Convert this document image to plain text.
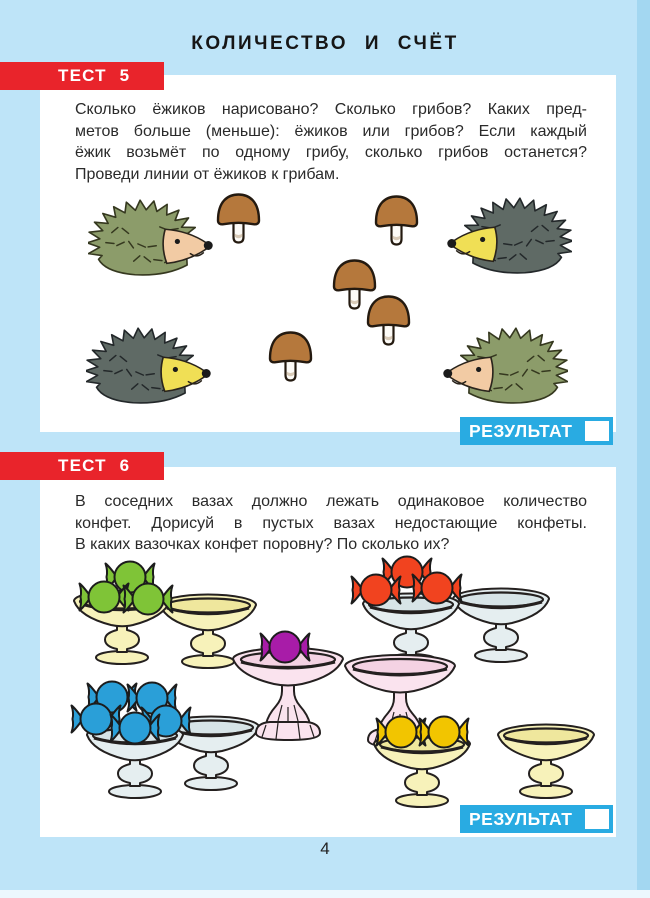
КОЛИЧЕСТВО И СЧЁТ
ТЕСТ 5
Сколько ёжиков нарисовано? Сколько грибов? Каких пред-
метов больше (меньше): ёжиков или грибов? Если каждый
ёжик возьмёт по одному грибу, сколько грибов останется?
Проведи линии от ёжиков к грибам.
РЕЗУЛЬТАТ
ТЕСТ 6
В соседних вазах должно лежать одинаковое количество
конфет. Дорисуй в пустых вазах недостающие конфеты.
В каких вазочках конфет поровну? По сколько их?
РЕЗУЛЬТАТ
4
